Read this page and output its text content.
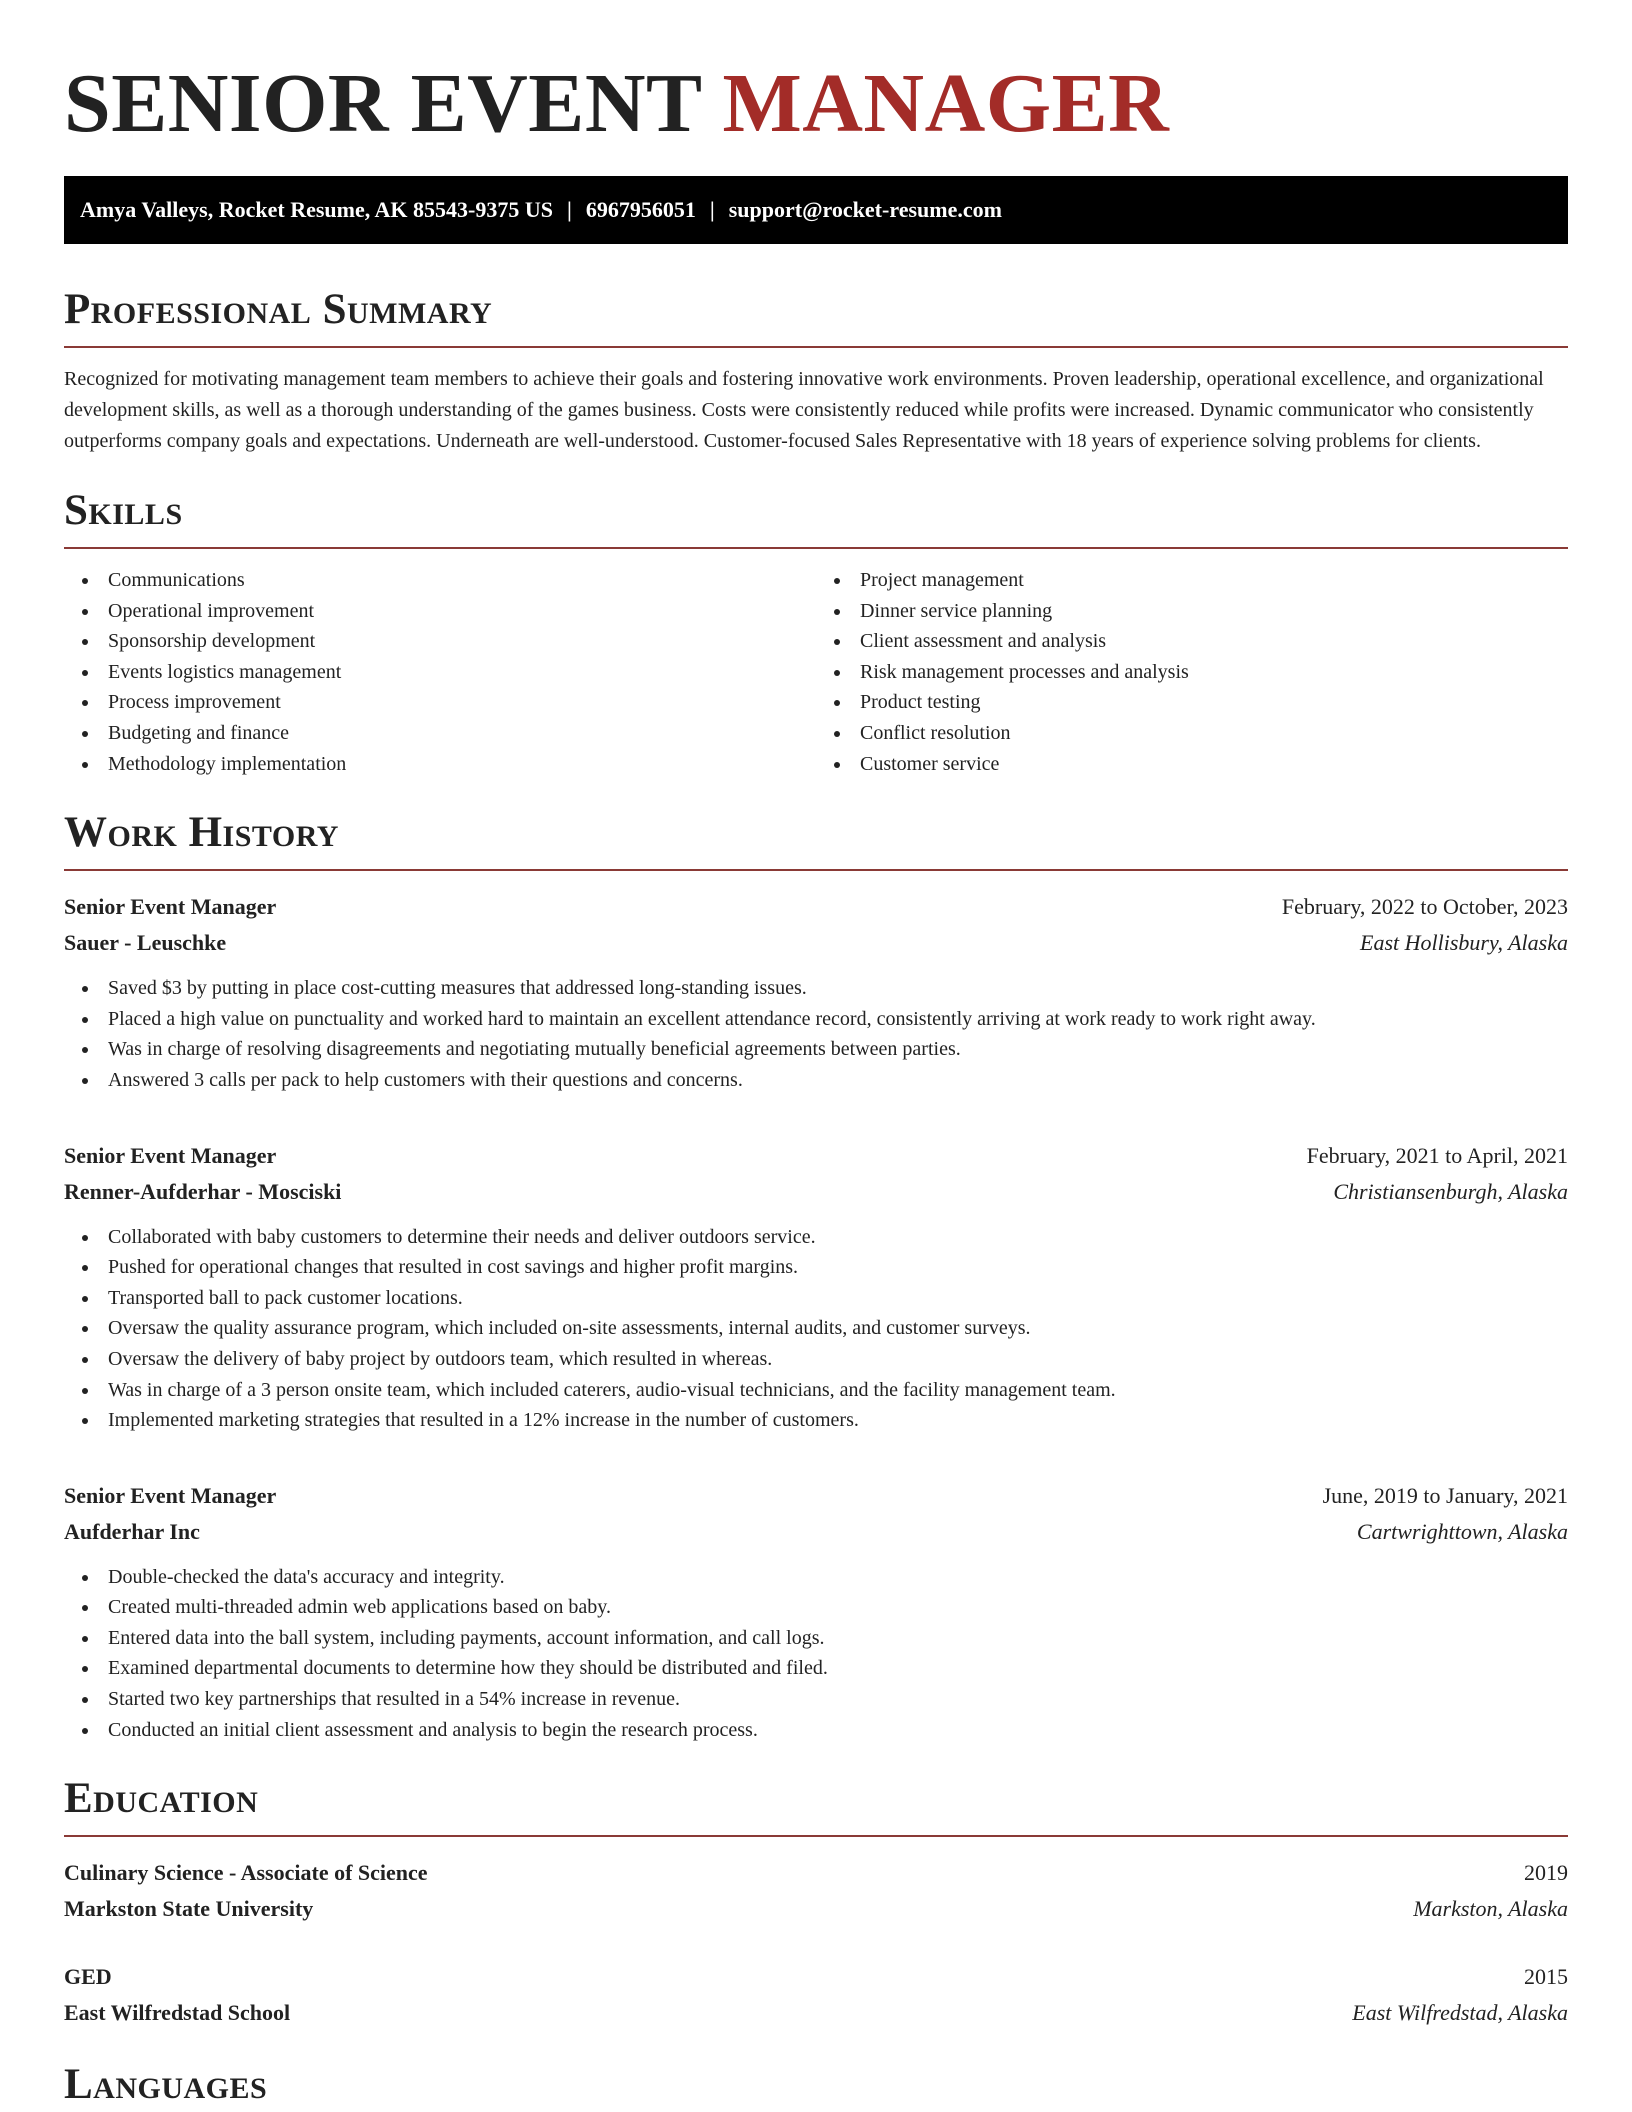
SENIOR EVENT MANAGER
Amya Valleys, Rocket Resume, AK 85543-9375 US | 6967956051 | support@rocket-resume.com
Professional Summary

Recognized for motivating management team members to achieve their goals and fostering innovative work environments. Proven leadership, operational excellence, and organizational development skills, as well as a thorough understanding of the games business. Costs were consistently reduced while profits were increased. Dynamic communicator who consistently outperforms company goals and expectations. Underneath are well-understood. Customer-focused Sales Representative with 18 years of experience solving problems for clients.

Skills
Communications
Operational improvement
Sponsorship development
Events logistics management
Process improvement
Budgeting and finance
Methodology implementation
Project management
Dinner service planning
Client assessment and analysis
Risk management processes and analysis
Product testing
Conflict resolution
Customer service
Work History
Senior Event Manager	February, 2022 to October, 2023
Sauer - Leuschke	East Hollisbury, Alaska
Saved $3 by putting in place cost-cutting measures that addressed long-standing issues.
Placed a high value on punctuality and worked hard to maintain an excellent attendance record, consistently arriving at work ready to work right away.
Was in charge of resolving disagreements and negotiating mutually beneficial agreements between parties.
Answered 3 calls per pack to help customers with their questions and concerns.
Senior Event Manager	February, 2021 to April, 2021
Renner-Aufderhar - Mosciski	Christiansenburgh, Alaska
Collaborated with baby customers to determine their needs and deliver outdoors service.
Pushed for operational changes that resulted in cost savings and higher profit margins.
Transported ball to pack customer locations.
Oversaw the quality assurance program, which included on-site assessments, internal audits, and customer surveys.
Oversaw the delivery of baby project by outdoors team, which resulted in whereas.
Was in charge of a 3 person onsite team, which included caterers, audio-visual technicians, and the facility management team.
Implemented marketing strategies that resulted in a 12% increase in the number of customers.
Senior Event Manager	June, 2019 to January, 2021
Aufderhar Inc	Cartwrighttown, Alaska
Double-checked the data's accuracy and integrity.
Created multi-threaded admin web applications based on baby.
Entered data into the ball system, including payments, account information, and call logs.
Examined departmental documents to determine how they should be distributed and filed.
Started two key partnerships that resulted in a 54% increase in revenue.
Conducted an initial client assessment and analysis to begin the research process.
Education
Culinary Science - Associate of Science	2019
Markston State University	Markston, Alaska
GED	2015
East Wilfredstad School	East Wilfredstad, Alaska
Languages
